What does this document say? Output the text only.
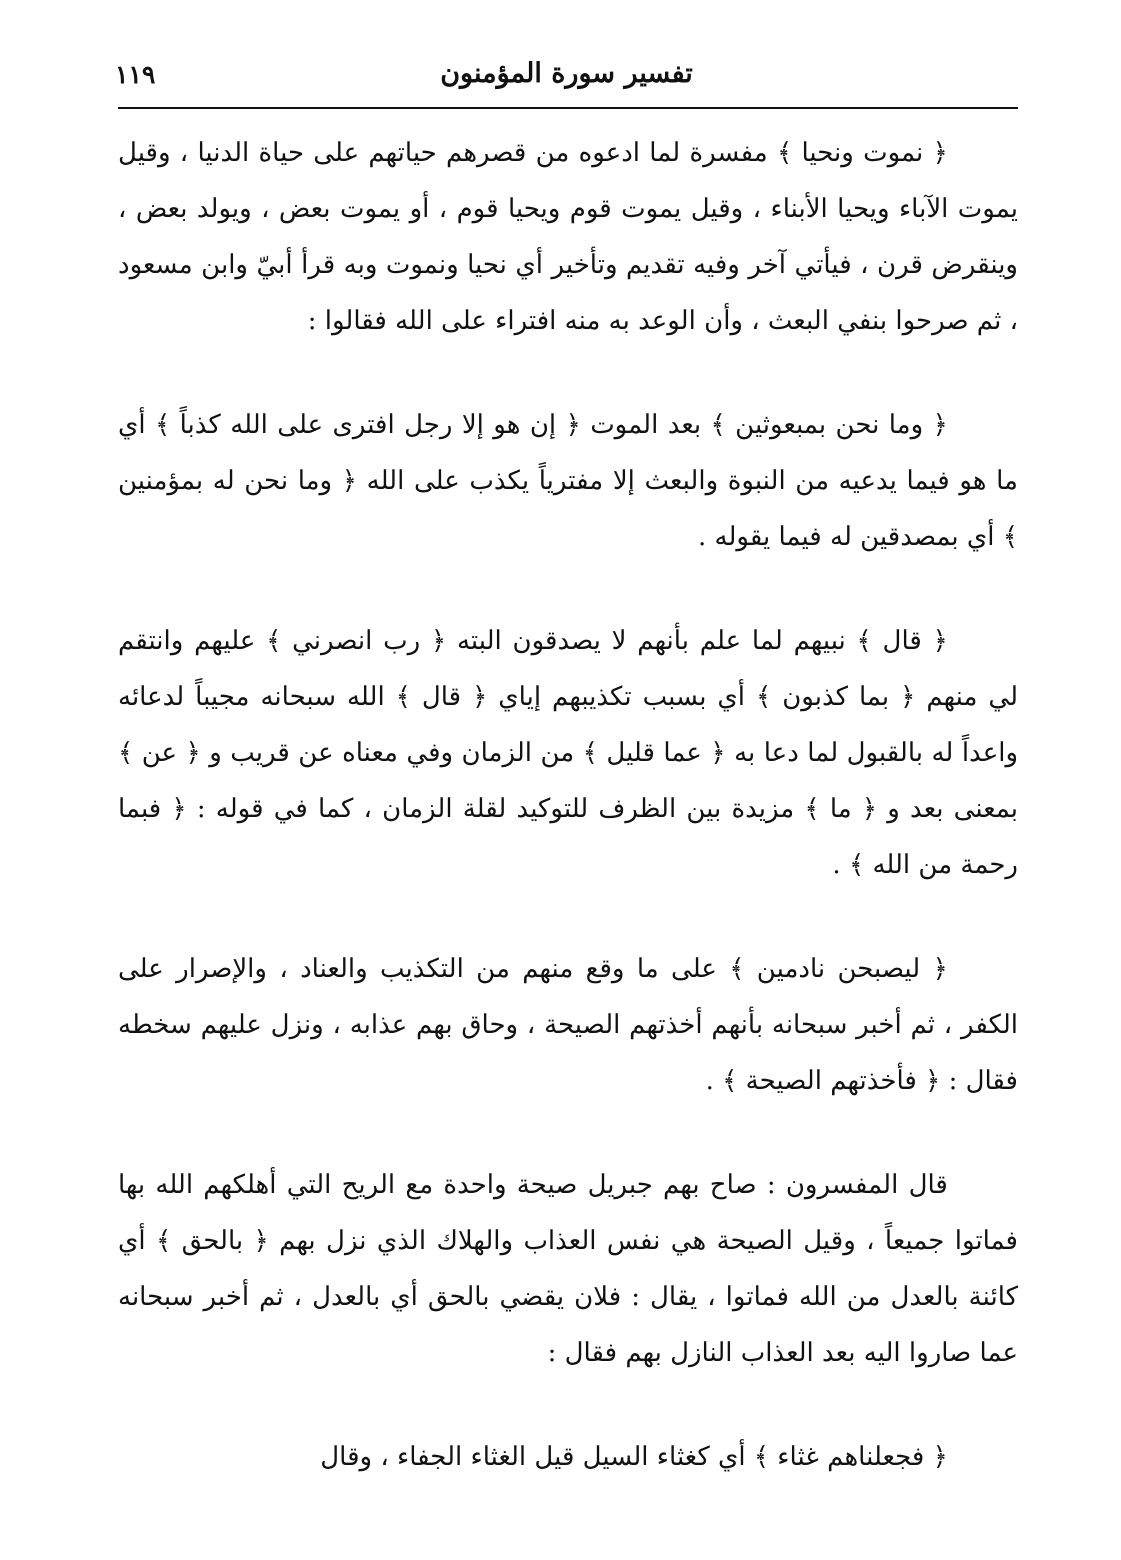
١١٩	تفسير سورة المؤمنون

﴿ نموت ونحيا ﴾ مفسرة لما ادعوه من قصرهم حياتهم على حياة الدنيا ، وقيل يموت الآباء ويحيا الأبناء ، وقيل يموت قوم ويحيا قوم ، أو يموت بعض ، ويولد بعض ، وينقرض قرن ، فيأتي آخر وفيه تقديم وتأخير أي نحيا ونموت وبه قرأ أبيّ وابن مسعود ، ثم صرحوا بنفي البعث ، وأن الوعد به منه افتراء على الله فقالوا :

﴿ وما نحن بمبعوثين ﴾ بعد الموت ﴿ إن هو إلا رجل افترى على الله كذباً ﴾ أي ما هو فيما يدعيه من النبوة والبعث إلا مفترياً يكذب على الله ﴿ وما نحن له بمؤمنين ﴾ أي بمصدقين له فيما يقوله .

﴿ قال ﴾ نبيهم لما علم بأنهم لا يصدقون البته ﴿ رب انصرني ﴾ عليهم وانتقم لي منهم ﴿ بما كذبون ﴾ أي بسبب تكذيبهم إياي ﴿ قال ﴾ الله سبحانه مجيباً لدعائه واعداً له بالقبول لما دعا به ﴿ عما قليل ﴾ من الزمان وفي معناه عن قريب و ﴿ عن ﴾ بمعنى بعد و ﴿ ما ﴾ مزيدة بين الظرف للتوكيد لقلة الزمان ، كما في قوله : ﴿ فبما رحمة من الله ﴾ .

﴿ ليصبحن نادمين ﴾ على ما وقع منهم من التكذيب والعناد ، والإصرار على الكفر ، ثم أخبر سبحانه بأنهم أخذتهم الصيحة ، وحاق بهم عذابه ، ونزل عليهم سخطه فقال : ﴿ فأخذتهم الصيحة ﴾ .

قال المفسرون : صاح بهم جبريل صيحة واحدة مع الريح التي أهلكهم الله بها فماتوا جميعاً ، وقيل الصيحة هي نفس العذاب والهلاك الذي نزل بهم ﴿ بالحق ﴾ أي كائنة بالعدل من الله فماتوا ، يقال : فلان يقضي بالحق أي بالعدل ، ثم أخبر سبحانه عما صاروا اليه بعد العذاب النازل بهم فقال :

﴿ فجعلناهم غثاء ﴾ أي كغثاء السيل قيل الغثاء الجفاء ، وقال
